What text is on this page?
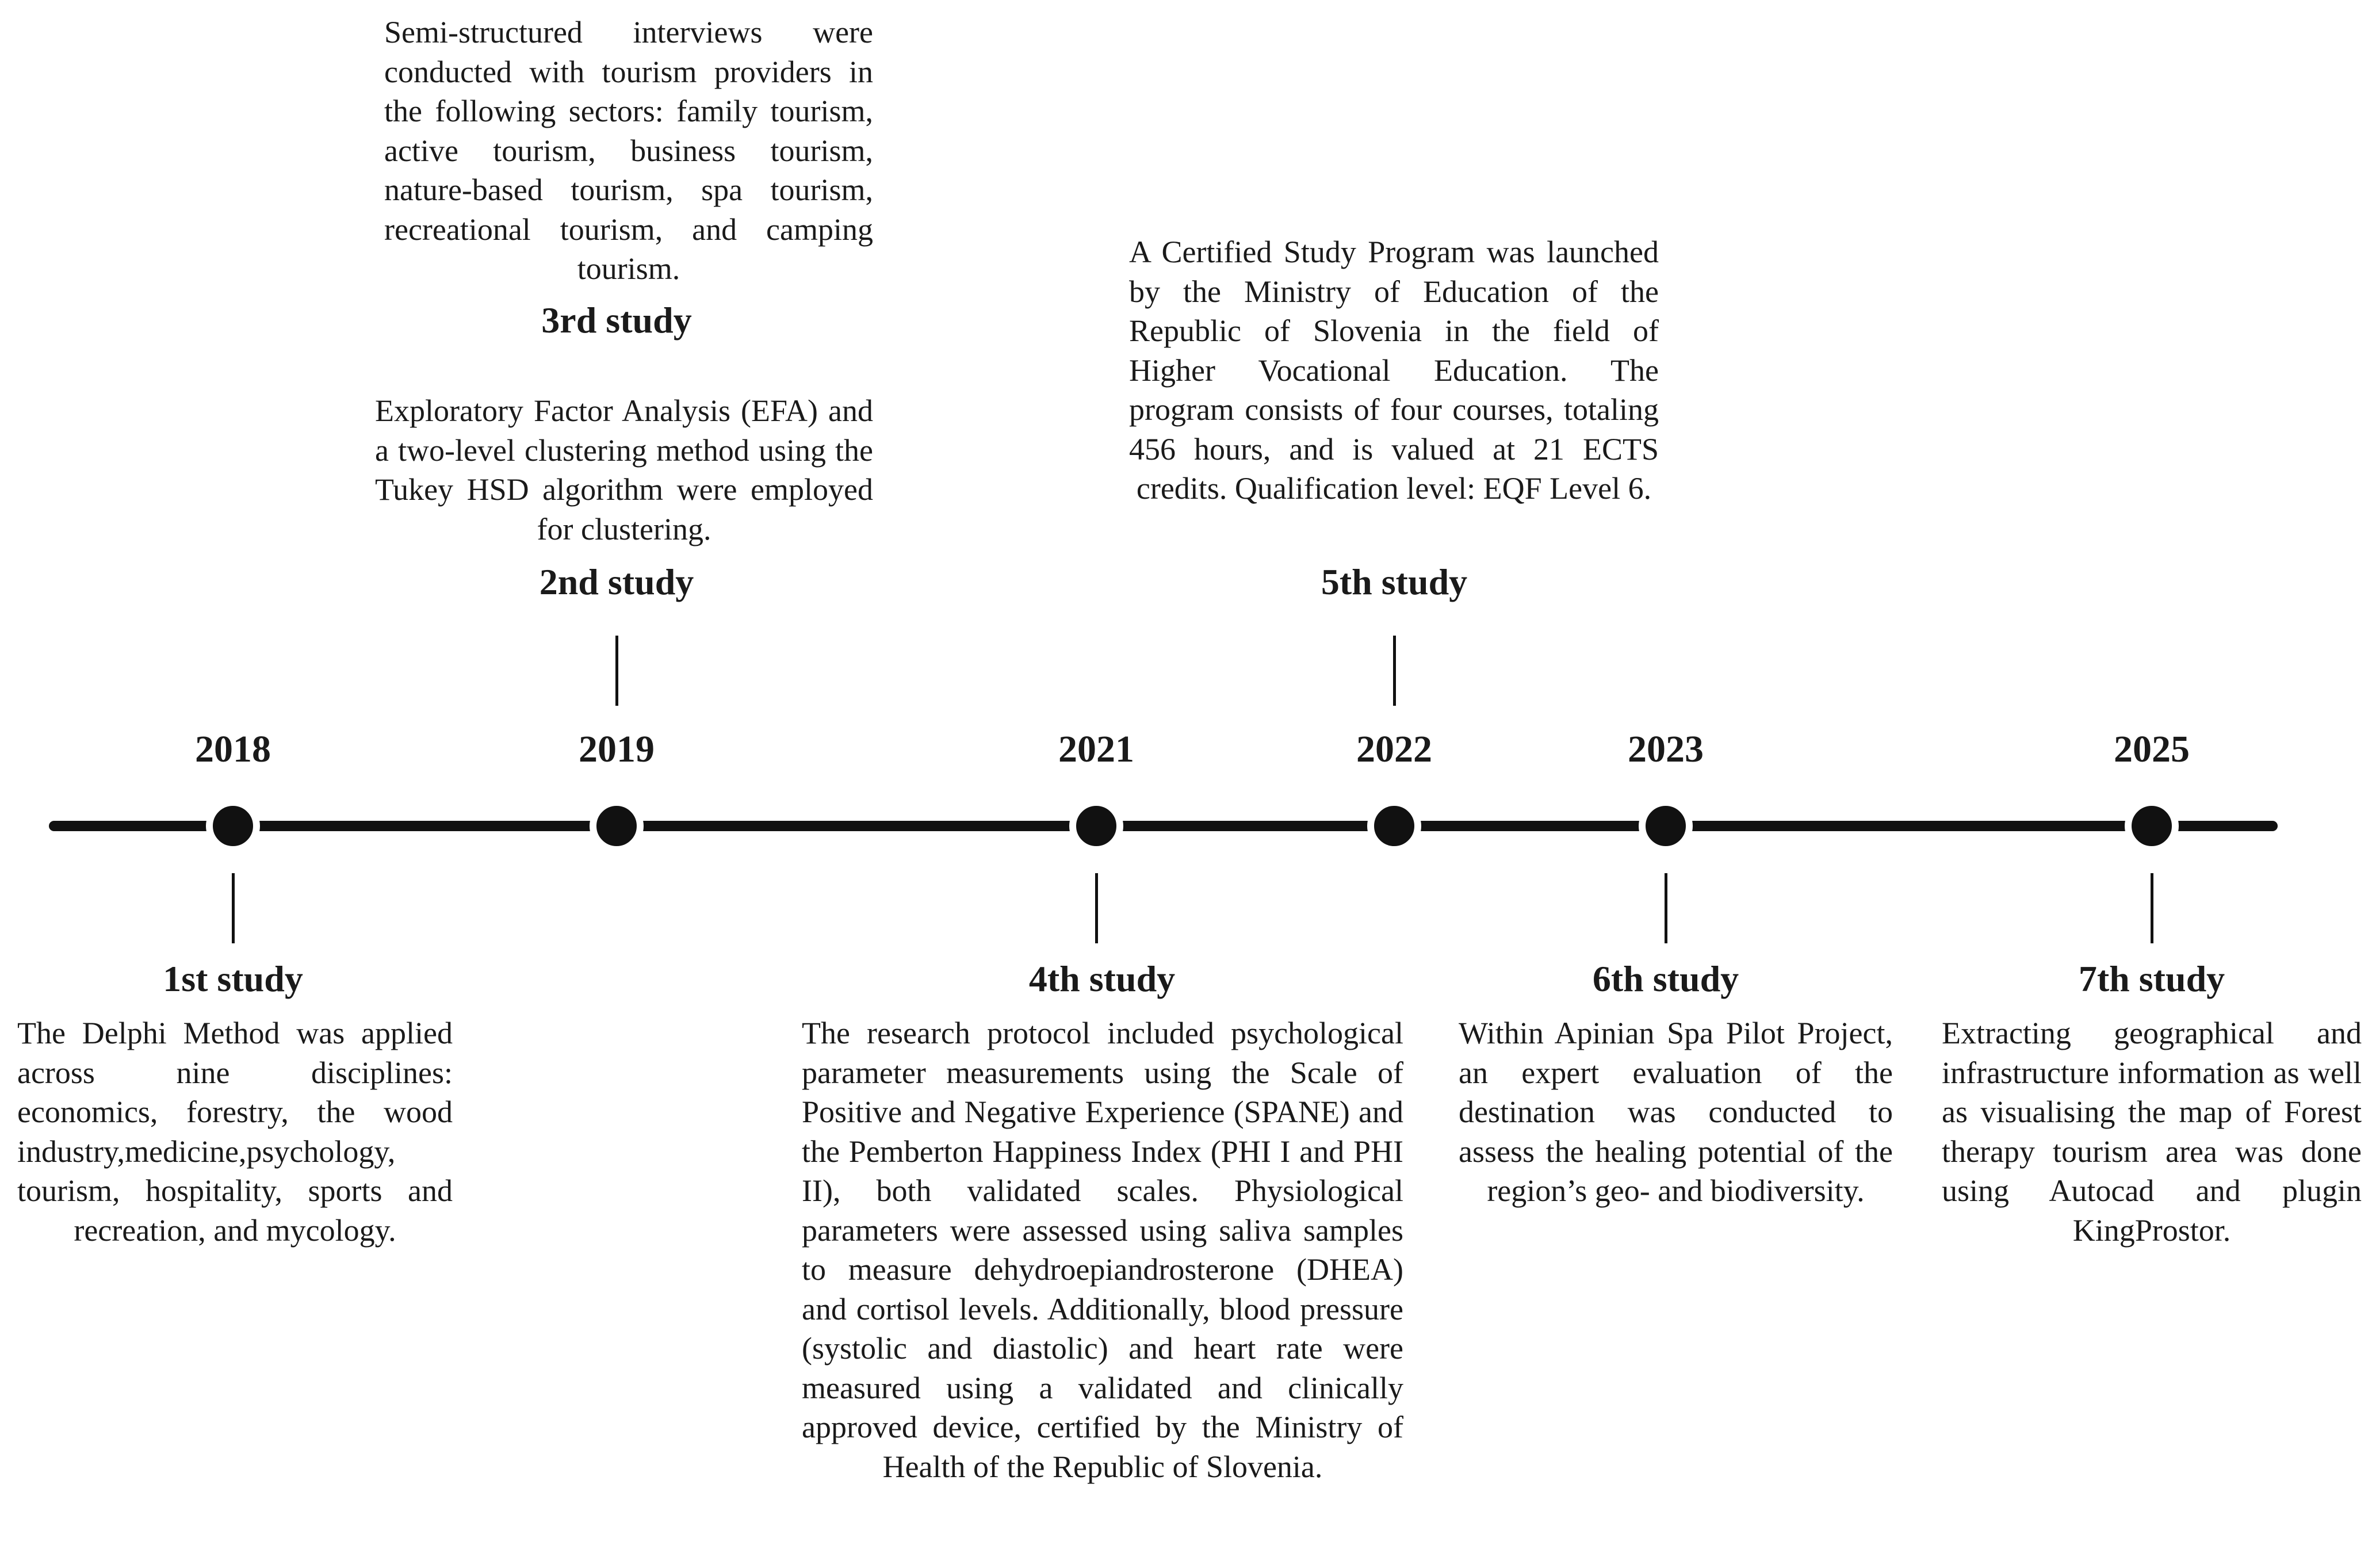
2018	2019	2021	2022	2023	2025
Semi-structured interviews were conducted with tourism providers in the following sectors: family tourism, active tourism, business tourism, nature-based tourism, spa tourism, recreational tourism, and camping tourism.
3rd study
Exploratory Factor Analysis (EFA) and a two-level clustering method using the Tukey HSD algorithm were employed for clustering.
2nd study
A Certified Study Program was launched by the Ministry of Education of the Republic of Slovenia in the field of Higher Vocational Education. The program consists of four courses, totaling 456 hours, and is valued at 21 ECTS credits. Qualification level: EQF Level 6.
5th study
1st study
The Delphi Method was applied across nine disciplines: economics, forestry, the wood industry,medicine,psychology, tourism, hospitality, sports and recreation, and mycology.
4th study
The research protocol included psychological parameter measurements using the Scale of Positive and Negative Experience (SPANE) and the Pemberton Happiness Index (PHI I and PHI II), both validated scales. Physiological parameters were assessed using saliva samples to measure dehydroepiandrosterone (DHEA) and cortisol levels. Additionally, blood pressure (systolic and diastolic) and heart rate were measured using a validated and clinically approved device, certified by the Ministry of Health of the Republic of Slovenia.
6th study
Within Apinian Spa Pilot Project, an expert evaluation of the destination was conducted to assess the healing potential of the region’s geo- and biodiversity.
7th study
Extracting geographical and infrastructure information as well as visualising the map of Forest therapy tourism area was done using Autocad and plugin KingProstor.
